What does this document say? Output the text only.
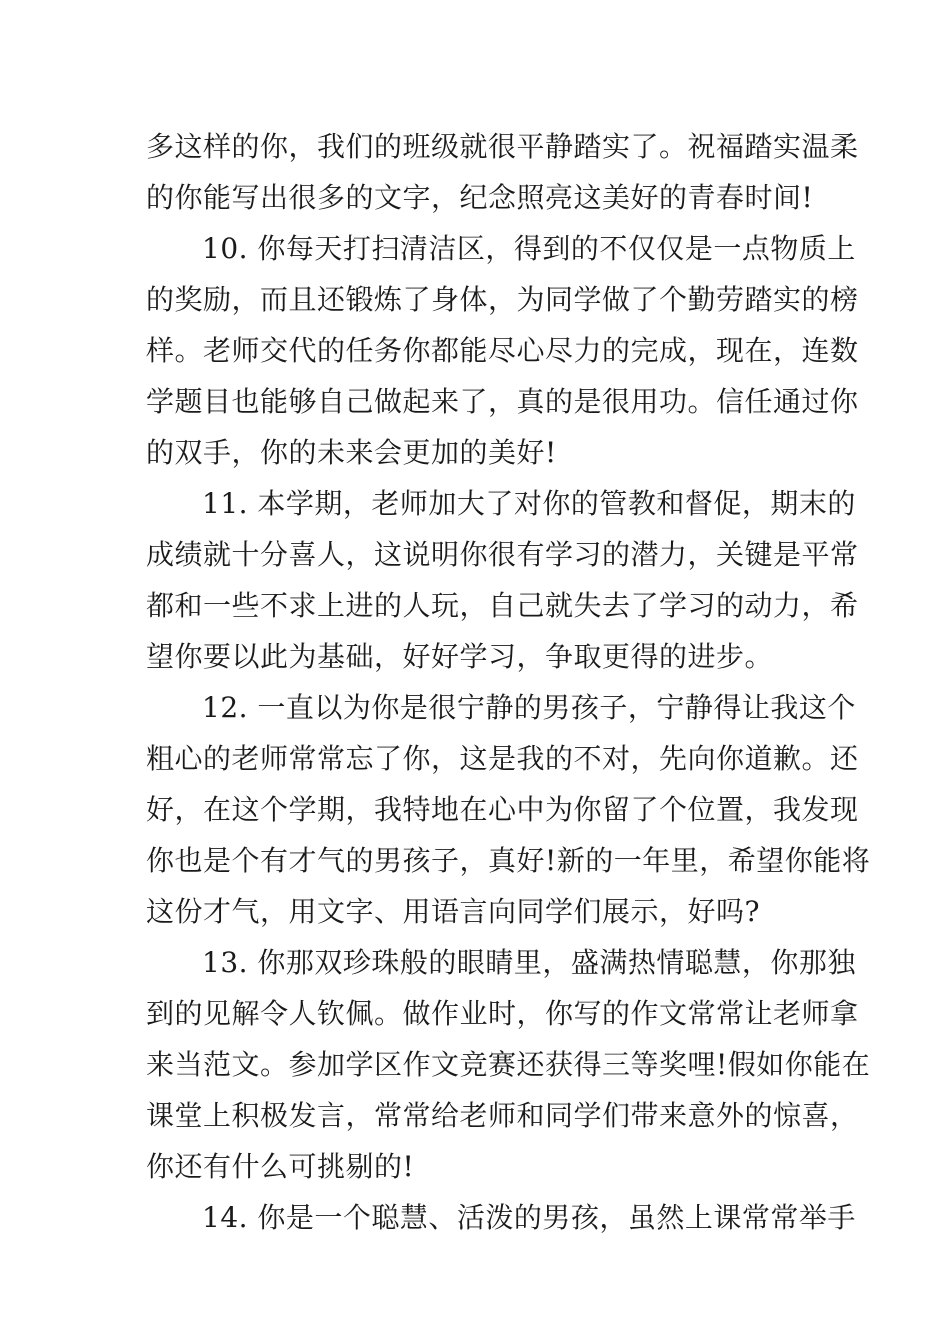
多这样的你，我们的班级就很平静踏实了。祝福踏实温柔
的你能写出很多的文字，纪念照亮这美好的青春时间!
10. 你每天打扫清洁区，得到的不仅仅是一点物质上
的奖励，而且还锻炼了身体，为同学做了个勤劳踏实的榜
样。老师交代的任务你都能尽心尽力的完成，现在，连数
学题目也能够自己做起来了，真的是很用功。信任通过你
的双手，你的未来会更加的美好!
11. 本学期，老师加大了对你的管教和督促，期末的
成绩就十分喜人，这说明你很有学习的潜力，关键是平常
都和一些不求上进的人玩，自己就失去了学习的动力，希
望你要以此为基础，好好学习，争取更得的进步。
12. 一直以为你是很宁静的男孩子，宁静得让我这个
粗心的老师常常忘了你，这是我的不对，先向你道歉。还
好，在这个学期，我特地在心中为你留了个位置，我发现
你也是个有才气的男孩子，真好!新的一年里，希望你能将
这份才气，用文字、用语言向同学们展示，好吗?
13. 你那双珍珠般的眼睛里，盛满热情聪慧，你那独
到的见解令人钦佩。做作业时，你写的作文常常让老师拿
来当范文。参加学区作文竞赛还获得三等奖哩!假如你能在
课堂上积极发言，常常给老师和同学们带来意外的惊喜，
你还有什么可挑剔的!
14. 你是一个聪慧、活泼的男孩，虽然上课常常举手
